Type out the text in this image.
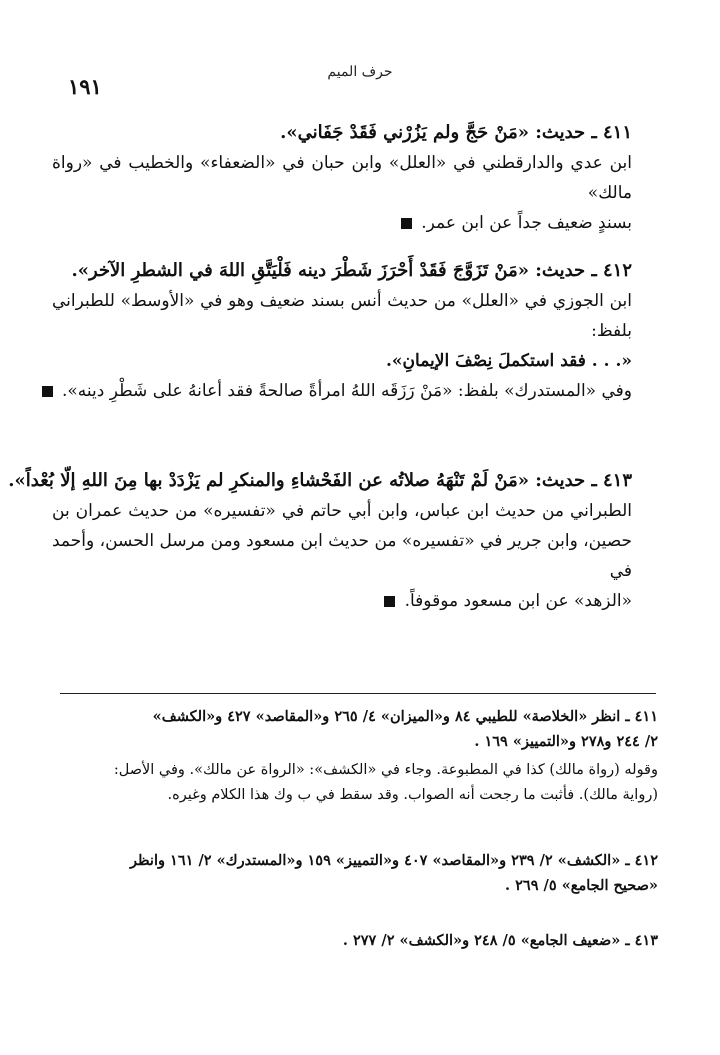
حرف الميم
١٩١
٤١١ ـ حديث: «مَنْ حَجَّ ولم يَزُرْني فَقَدْ جَفَاني».
ابن عدي والدارقطني في «العلل» وابن حبان في «الضعفاء» والخطيب في «رواة مالك»
بسندٍ ضعيف جداً عن ابن عمر.
٤١٢ ـ حديث: «مَنْ تَزَوَّجَ فَقَدْ أَحْرَزَ شَطْرَ دينه فَلْيَتَّقِ اللهَ في الشطرِ الآخر».
ابن الجوزي في «العلل» من حديث أنس بسند ضعيف وهو في «الأوسط» للطبراني
بلفظ:
«. . . فقد استكملَ نِصْفَ الإيمانِ».
وفي «المستدرك» بلفظ: «مَنْ رَزَقَه اللهُ امرأةً صالحةً فقد أعانهُ على شَطْرِ دينه».
٤١٣ ـ حديث: «مَنْ لَمْ تَنْهَهُ صلاتُه عن الفَحْشاءِ والمنكرِ لم يَزْدَدْ بها مِنَ اللهِ إلّا بُعْداً».
الطبراني من حديث ابن عباس، وابن أبي حاتم في «تفسيره» من حديث عمران بن
حصين، وابن جرير في «تفسيره» من حديث ابن مسعود ومن مرسل الحسن، وأحمد في
«الزهد» عن ابن مسعود موقوفاً.
٤١١ ـ انظر «الخلاصة» للطيبي ٨٤ و«الميزان» ٤/ ٢٦٥ و«المقاصد» ٤٢٧ و«الكشف»
٢/ ٢٤٤ و٢٧٨ و«التمييز» ١٦٩ .
وقوله (رواة مالك) كذا في المطبوعة. وجاء في «الكشف»: «الرواة عن مالك». وفي الأصل:
(رواية مالك). فأثبت ما رجحت أنه الصواب. وقد سقط في ب وك هذا الكلام وغيره.
٤١٢ ـ «الكشف» ٢/ ٢٣٩ و«المقاصد» ٤٠٧ و«التمييز» ١٥٩ و«المستدرك» ٢/ ١٦١ وانظر
«صحيح الجامع» ٥/ ٢٦٩ .
٤١٣ ـ «ضعيف الجامع» ٥/ ٢٤٨ و«الكشف» ٢/ ٢٧٧ .
